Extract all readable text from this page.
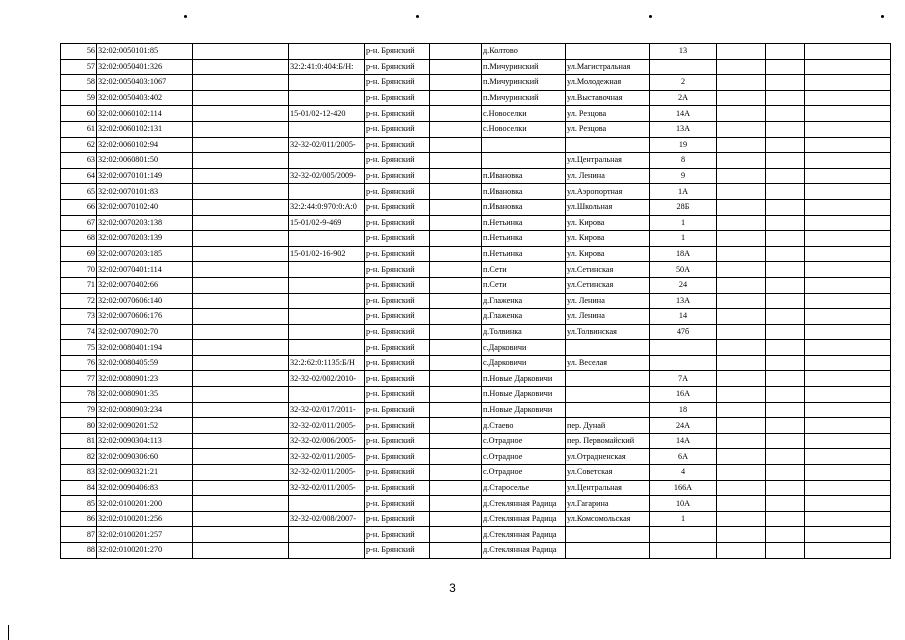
56	32:02:0050101:85			р-н. Брянский		д.Колтово		13			
57	32:02:0050401:326		32:2:41:0:404:Б/Н:	р-н. Брянский		п.Мичуринский	ул.Магистральная				
58	32:02:0050403:1067			р-н. Брянский		п.Мичуринский	ул.Молодежная	2			
59	32:02:0050403:402			р-н. Брянский		п.Мичуринский	ул.Выставочная	2А			
60	32:02:0060102:114		15-01/02-12-420	р-н. Брянский		с.Новоселки	ул. Резцова	14А			
61	32:02:0060102:131			р-н. Брянский		с.Новоселки	ул. Резцова	13А			
62	32:02:0060102:94		32-32-02/011/2005-	р-н. Брянский				19			
63	32:02:0060801:50			р-н. Брянский			ул.Центральная	8			
64	32:02:0070101:149		32-32-02/005/2009-	р-н. Брянский		п.Ивановка	ул. Ленина	9			
65	32:02:0070101:83			р-н. Брянский		п.Ивановка	ул.Аэропортная	1А			
66	32:02:0070102:40		32:2:44:0:970:0:А:0	р-н. Брянский		п.Ивановка	ул.Школьная	28Б			
67	32:02:0070203:138		15-01/02-9-469	р-н. Брянский		п.Нетьинка	ул. Кирова	1			
68	32:02:0070203:139			р-н. Брянский		п.Нетьинка	ул. Кирова	1			
69	32:02:0070203:185		15-01/02-16-902	р-н. Брянский		п.Нетьинка	ул. Кирова	18А			
70	32:02:0070401:114			р-н. Брянский		п.Сети	ул.Сетинская	50А			
71	32:02:0070402:66			р-н. Брянский		п.Сети	ул.Сетинская	24			
72	32:02:0070606:140			р-н. Брянский		д.Глаженка	ул. Ленина	13А			
73	32:02:0070606:176			р-н. Брянский		д.Глаженка	ул. Ленина	14			
74	32:02:0070902:70			р-н. Брянский		д.Толвинка	ул.Толвинская	47б			
75	32:02:0080401:194			р-н. Брянский		с.Дарковичи					
76	32:02:0080405:59		32:2:62:0:1135:Б/Н	р-н. Брянский		с.Дарковичи	ул. Веселая				
77	32:02:0080901:23		32-32-02/002/2010-	р-н. Брянский		п.Новые Дарковичи		7А			
78	32:02:0080901:35			р-н. Брянский		п.Новые Дарковичи		16А			
79	32:02:0080903:234		32-32-02/017/2011-	р-н. Брянский		п.Новые Дарковичи		18			
80	32:02:0090201:52		32-32-02/011/2005-	р-н. Брянский		д.Стаево	пер. Дунай	24А			
81	32:02:0090304:113		32-32-02/006/2005-	р-н. Брянский		с.Отрадное	пер. Первомайский	14А			
82	32:02:0090306:60		32-32-02/011/2005-	р-н. Брянский		с.Отрадное	ул.Отрадненская	6А			
83	32:02:0090321:21		32-32-02/011/2005-	р-н. Брянский		с.Отрадное	ул.Советская	4			
84	32:02:0090406:83		32-32-02/011/2005-	р-н. Брянский		д.Старосельe	ул.Центральная	166А			
85	32:02:0100201:200			р-н. Брянский		д.Стеклянная Радица	ул.Гагарина	10А			
86	32:02:0100201:256		32-32-02/008/2007-	р-н. Брянский		д.Стеклянная Радица	ул.Комсомольская	1			
87	32:02:0100201:257			р-н. Брянский		д.Стеклянная Радица					
88	32:02:0100201:270			р-н. Брянский		д.Стеклянная Радица					
3
